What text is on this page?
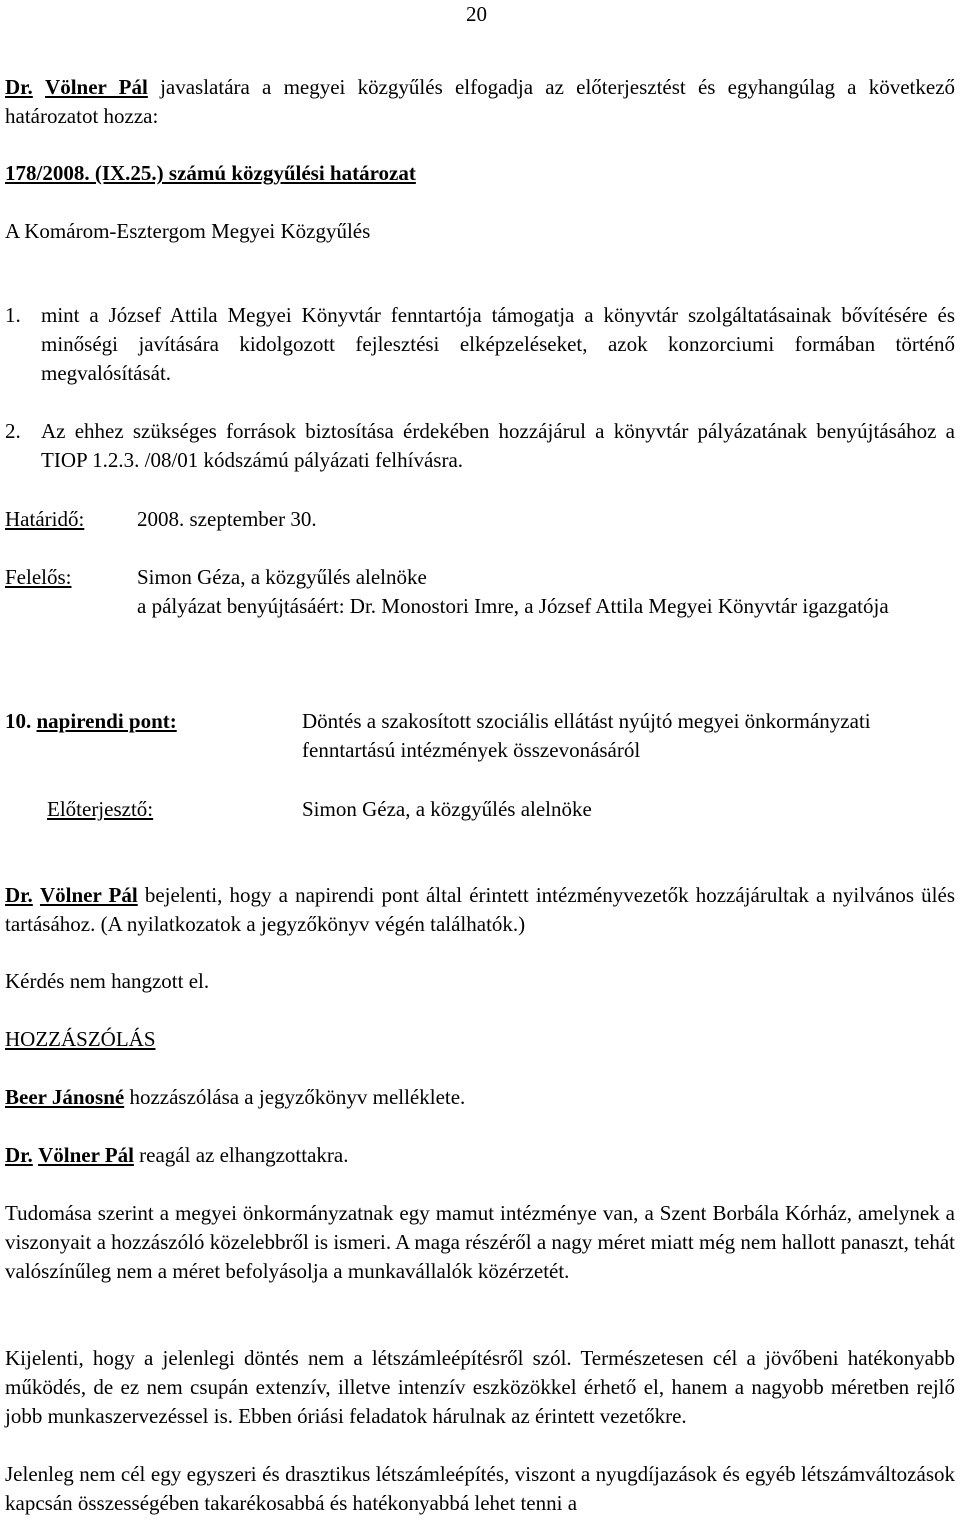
20

Dr. Völner Pál javaslatára a megyei közgyűlés elfogadja az előterjesztést és egyhangúlag a következő határozatot hozza:

178/2008. (IX.25.) számú közgyűlési határozat
A Komárom-Esztergom Megyei Közgyűlés
1. mint a József Attila Megyei Könyvtár fenntartója támogatja a könyvtár szolgáltatásainak bővítésére és minőségi javítására kidolgozott fejlesztési elképzeléseket, azok konzorciumi formában történő megvalósítását.

2. Az ehhez szükséges források biztosítása érdekében hozzájárul a könyvtár pályázatának benyújtásához a TIOP 1.2.3. /08/01 kódszámú pályázati felhívásra.

Határidő:	2008. szeptember 30.
Felelős:	Simon Géza, a közgyűlés alelnöke

a pályázat benyújtásáért: Dr. Monostori Imre, a József Attila Megyei Könyvtár igazgatója

10. napirendi pont:	Döntés a szakosított szociális ellátást nyújtó megyei önkormányzati fenntartású intézmények összevonásáról

Előterjesztő:	Simon Géza, a közgyűlés alelnöke

Dr. Völner Pál bejelenti, hogy a napirendi pont által érintett intézményvezetők hozzájárultak a nyilvános ülés tartásához. (A nyilatkozatok a jegyzőkönyv végén találhatók.)

Kérdés nem hangzott el.
HOZZÁSZÓLÁS
Beer Jánosné hozzászólása a jegyzőkönyv melléklete.
Dr. Völner Pál reagál az elhangzottakra.

Tudomása szerint a megyei önkormányzatnak egy mamut intézménye van, a Szent Borbála Kórház, amelynek a viszonyait a hozzászóló közelebbről is ismeri. A maga részéről a nagy méret miatt még nem hallott panaszt, tehát valószínűleg nem a méret befolyásolja a munkavállalók közérzetét.

Kijelenti, hogy a jelenlegi döntés nem a létszámleépítésről szól. Természetesen cél a jövőbeni hatékonyabb működés, de ez nem csupán extenzív, illetve intenzív eszközökkel érhető el, hanem a nagyobb méretben rejlő jobb munkaszervezéssel is. Ebben óriási feladatok hárulnak az érintett vezetőkre.

Jelenleg nem cél egy egyszeri és drasztikus létszámleépítés, viszont a nyugdíjazások és egyéb létszámváltozások kapcsán összességében takarékosabbá és hatékonyabbá lehet tenni a
